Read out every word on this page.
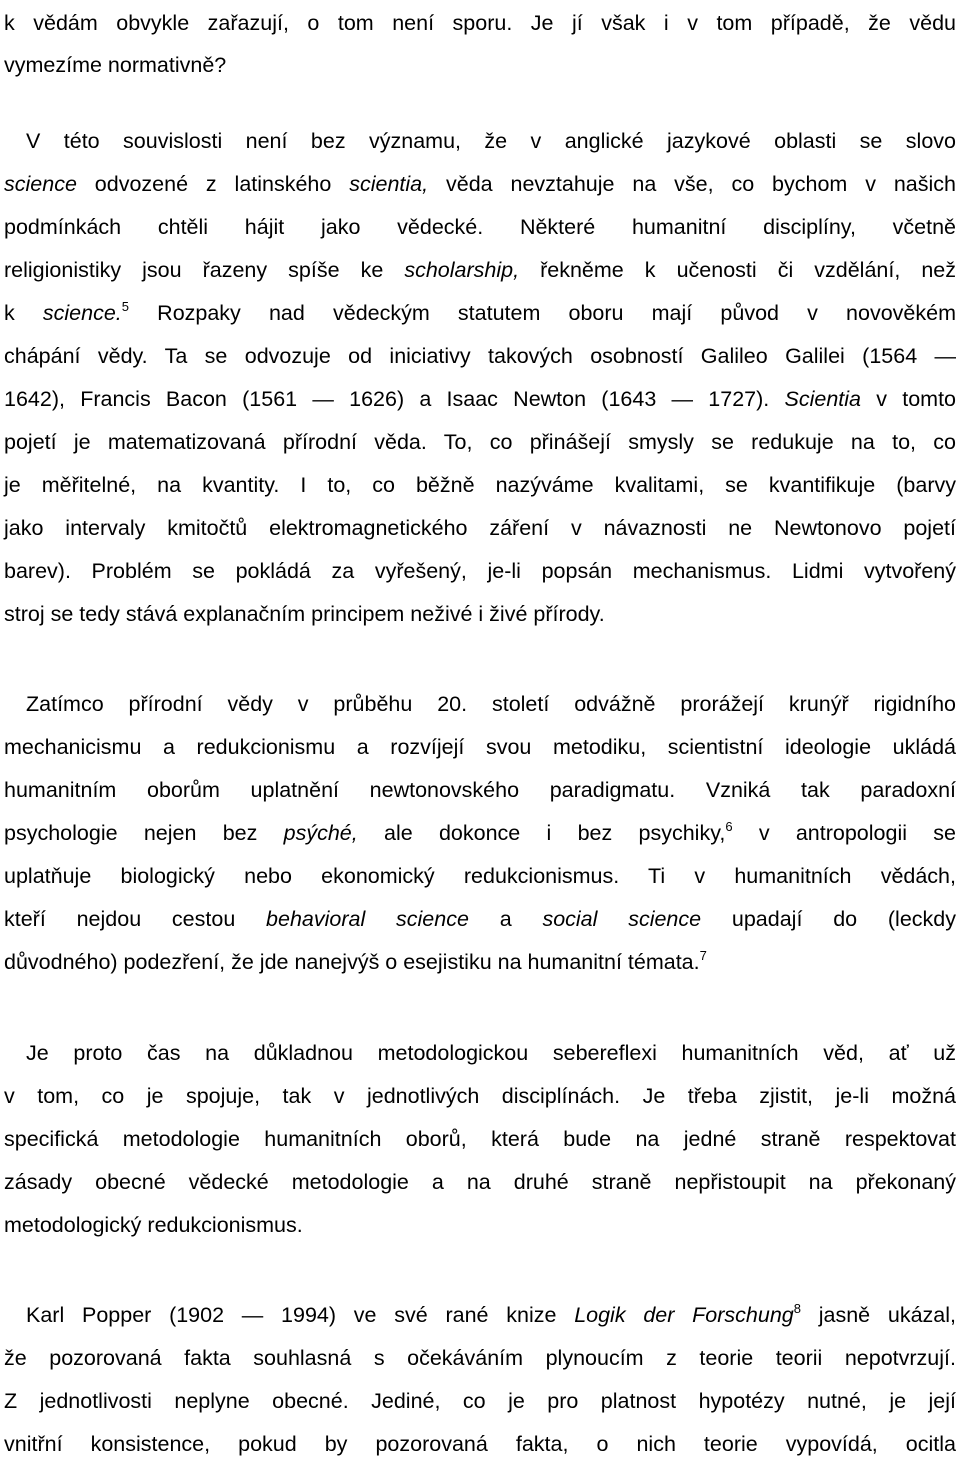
k vědám obvykle zařazují, o tom není sporu. Je jí však i v tom případě, že vědu
vymezíme normativně?
V této souvislosti není bez významu, že v anglické jazykové oblasti se slovo
science odvozené z latinského scientia, věda nevztahuje na vše, co bychom v našich
podmínkách chtěli hájit jako vědecké. Některé humanitní disciplíny, včetně
religionistiky jsou řazeny spíše ke scholarship, řekněme k učenosti či vzdělání, než
k science.$^5$ Rozpaky nad vědeckým statutem oboru mají původ v novověkém
chápání vědy. Ta se odvozuje od iniciativy takových osobností Galileo Galilei (1564 —
1642), Francis Bacon (1561 — 1626) a Isaac Newton (1643 — 1727). Scientia v tomto
pojetí je matematizovaná přírodní věda. To, co přinášejí smysly se redukuje na to, co
je měřitelné, na kvantity. I to, co běžně nazýváme kvalitami, se kvantifikuje (barvy
jako intervaly kmitočtů elektromagnetického záření v návaznosti ne Newtonovo pojetí
barev). Problém se pokládá za vyřešený, je-li popsán mechanismus. Lidmi vytvořený
stroj se tedy stává explanačním principem neživé i živé přírody.
Zatímco přírodní vědy v průběhu 20. století odvážně prorážejí krunýř rigidního
mechanicismu a redukcionismu a rozvíjejí svou metodiku, scientistní ideologie ukládá
humanitním oborům uplatnění newtonovského paradigmatu. Vzniká tak paradoxní
psychologie nejen bez psýché, ale dokonce i bez psychiky,$^6$ v antropologii se
uplatňuje biologický nebo ekonomický redukcionismus. Ti v humanitních vědách,
kteří nejdou cestou behavioral science a social science upadají do (leckdy
důvodného) podezření, že jde nanejvýš o esejistiku na humanitní témata.$^7$
Je proto čas na důkladnou metodologickou sebereflexi humanitních věd, ať už
v tom, co je spojuje, tak v jednotlivých disciplínách. Je třeba zjistit, je-li možná
specifická metodologie humanitních oborů, která bude na jedné straně respektovat
zásady obecné vědecké metodologie a na druhé straně nepřistoupit na překonaný
metodologický redukcionismus.
Karl Popper (1902 — 1994) ve své rané knize Logik der Forschung$^8$ jasně ukázal,
že pozorovaná fakta souhlasná s očekáváním plynoucím z teorie teorii nepotvrzují.
Z jednotlivosti neplyne obecné. Jediné, co je pro platnost hypotézy nutné, je její
vnitřní konsistence, pokud by pozorovaná fakta, o nich teorie vypovídá, ocitla
